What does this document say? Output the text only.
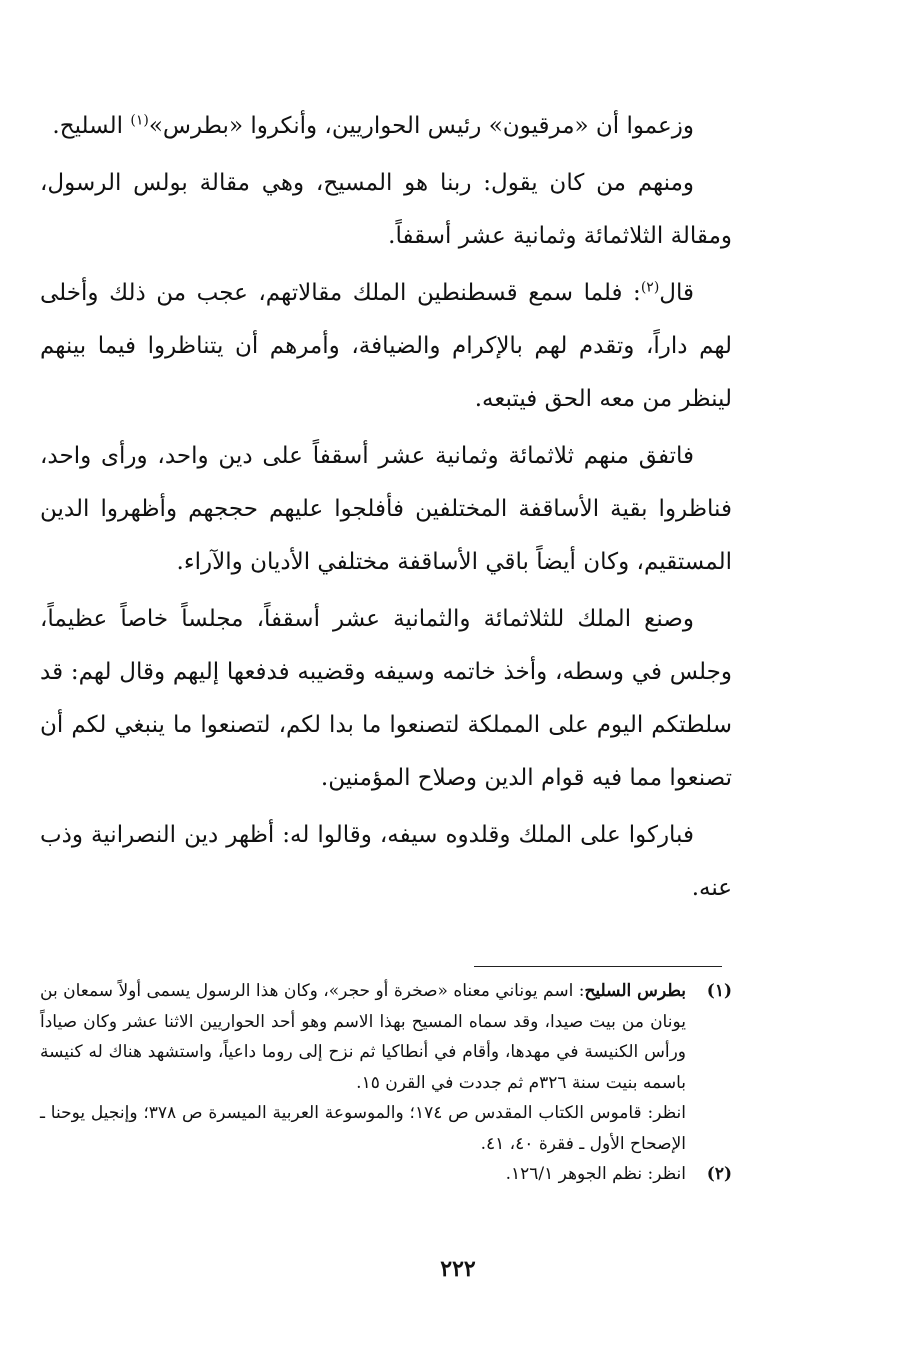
وزعموا أن «مرقيون» رئيس الحواريين، وأنكروا «بطرس»$^{(١)}$ السليح.

ومنهم من كان يقول: ربنا هو المسيح، وهي مقالة بولس الرسول، ومقالة الثلاثمائة وثمانية عشر أسقفاً.

قال$^{(٢)}$: فلما سمع قسطنطين الملك مقالاتهم، عجب من ذلك وأخلى لهم داراً، وتقدم لهم بالإكرام والضيافة، وأمرهم أن يتناظروا فيما بينهم لينظر من معه الحق فيتبعه.

فاتفق منهم ثلاثمائة وثمانية عشر أسقفاً على دين واحد، ورأى واحد، فناظروا بقية الأساقفة المختلفين فأفلجوا عليهم حججهم وأظهروا الدين المستقيم، وكان أيضاً باقي الأساقفة مختلفي الأديان والآراء.

وصنع الملك للثلاثمائة والثمانية عشر أسقفاً، مجلساً خاصاً عظيماً، وجلس في وسطه، وأخذ خاتمه وسيفه وقضيبه فدفعها إليهم وقال لهم: قد سلطتكم اليوم على المملكة لتصنعوا ما بدا لكم، لتصنعوا ما ينبغي لكم أن تصنعوا مما فيه قوام الدين وصلاح المؤمنين.

فباركوا على الملك وقلدوه سيفه، وقالوا له: أظهر دين النصرانية وذب عنه.

(١)
بطرس السليح: اسم يوناني معناه «صخرة أو حجر»، وكان هذا الرسول يسمى أولاً سمعان بن يونان من بيت صيدا، وقد سماه المسيح بهذا الاسم وهو أحد الحواريين الاثنا عشر وكان صياداً ورأس الكنيسة في مهدها، وأقام في أنطاكيا ثم نزح إلى روما داعياً، واستشهد هناك له كنيسة باسمه بنيت سنة ٣٢٦م ثم جددت في القرن ١٥.
انظر: قاموس الكتاب المقدس ص ١٧٤؛ والموسوعة العربية الميسرة ص ٣٧٨؛ وإنجيل يوحنا ـ الإصحاح الأول ـ فقرة ٤٠، ٤١.
(٢)
انظر: نظم الجوهر ١٢٦/١.
٢٢٢
